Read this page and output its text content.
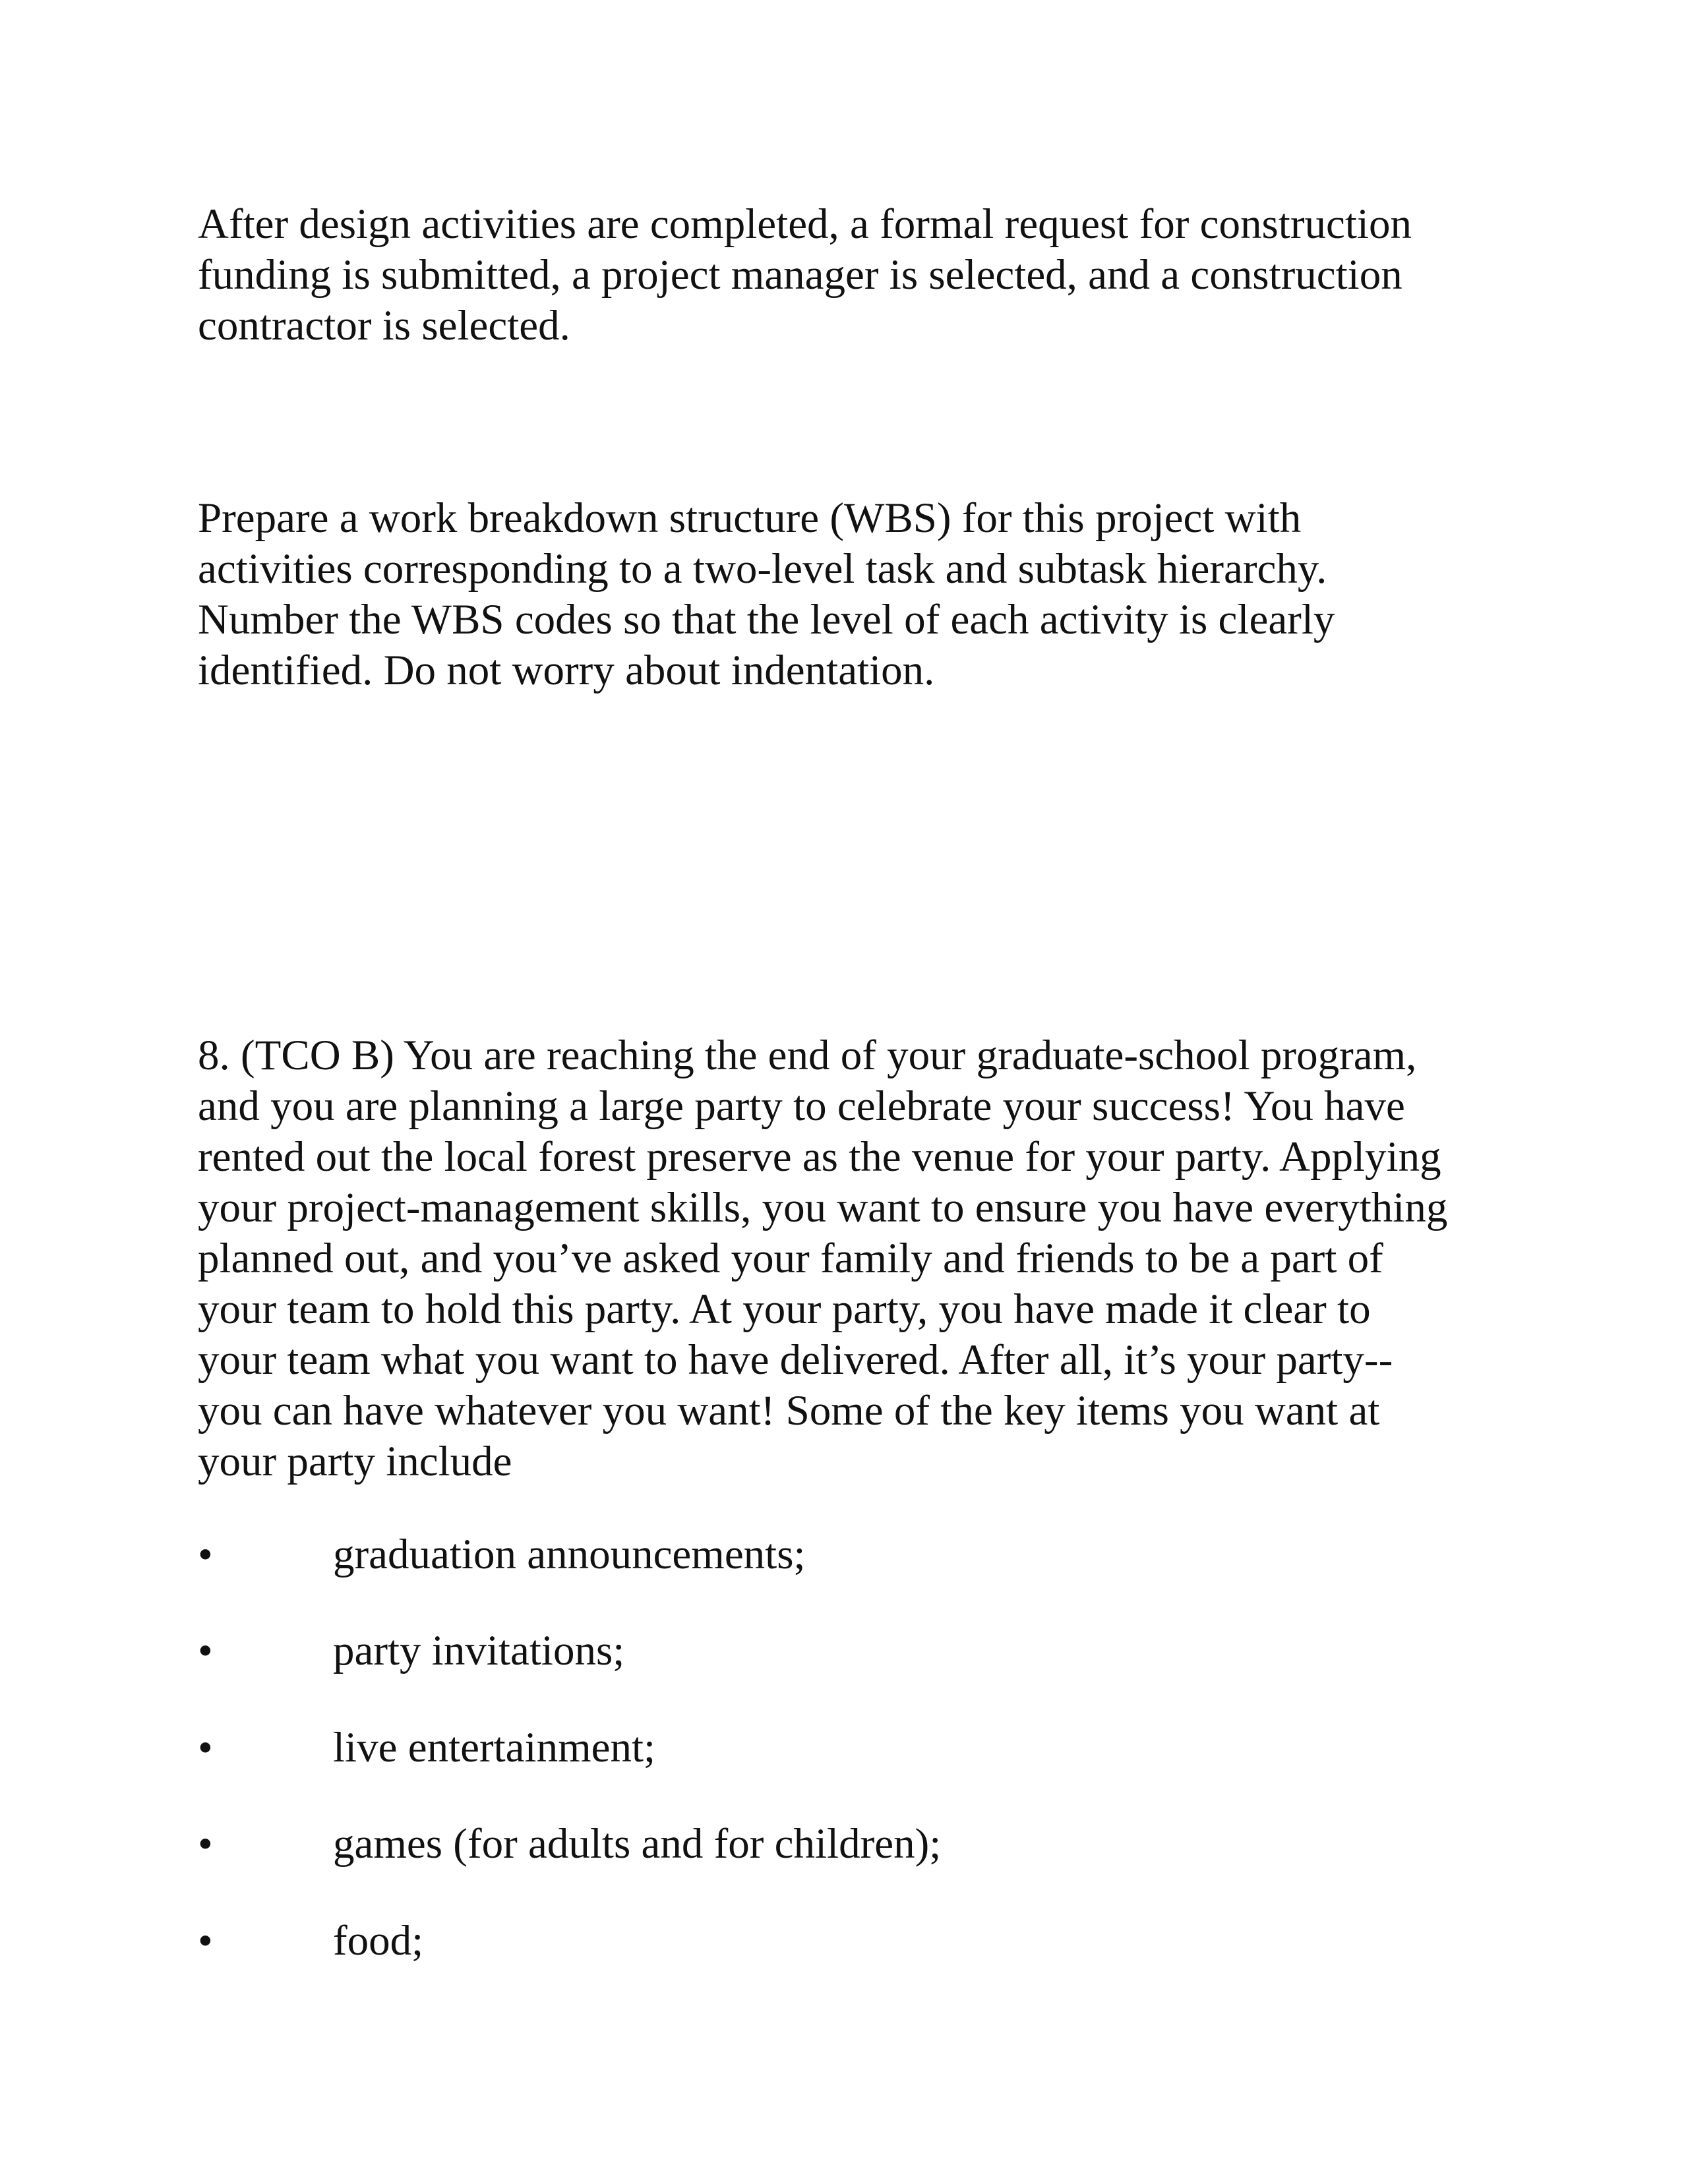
After design activities are completed, a formal request for construction
funding is submitted, a project manager is selected, and a construction
contractor is selected.

Prepare a work breakdown structure (WBS) for this project with
activities corresponding to a two-level task and subtask hierarchy.
Number the WBS codes so that the level of each activity is clearly
identified. Do not worry about indentation.

8. (TCO B) You are reaching the end of your graduate-school program,
and you are planning a large party to celebrate your success! You have
rented out the local forest preserve as the venue for your party. Applying
your project-management skills, you want to ensure you have everything
planned out, and you’ve asked your family and friends to be a part of
your team to hold this party. At your party, you have made it clear to
your team what you want to have delivered. After all, it’s your party--
you can have whatever you want! Some of the key items you want at
your party include

•	graduation announcements;
•	party invitations;
•	live entertainment;
•	games (for adults and for children);
•	food;
